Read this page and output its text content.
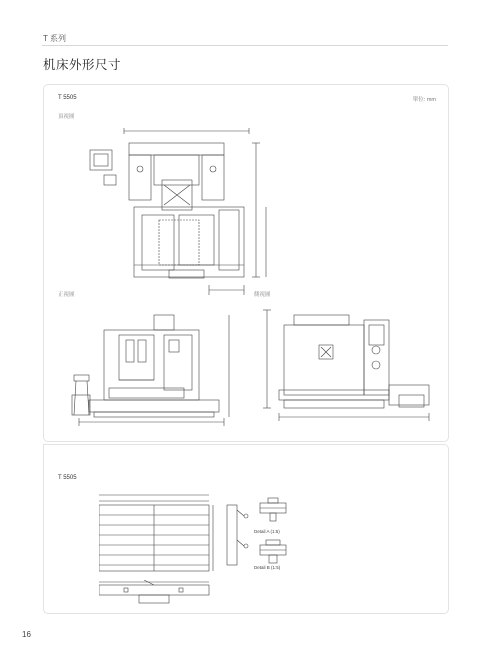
T 系列
机床外形尺寸
T 5505	單位: mm
頂視圖
正視圖	側視圖
T 5505
Detail A (1:5)
Detail B (1:5)
16
